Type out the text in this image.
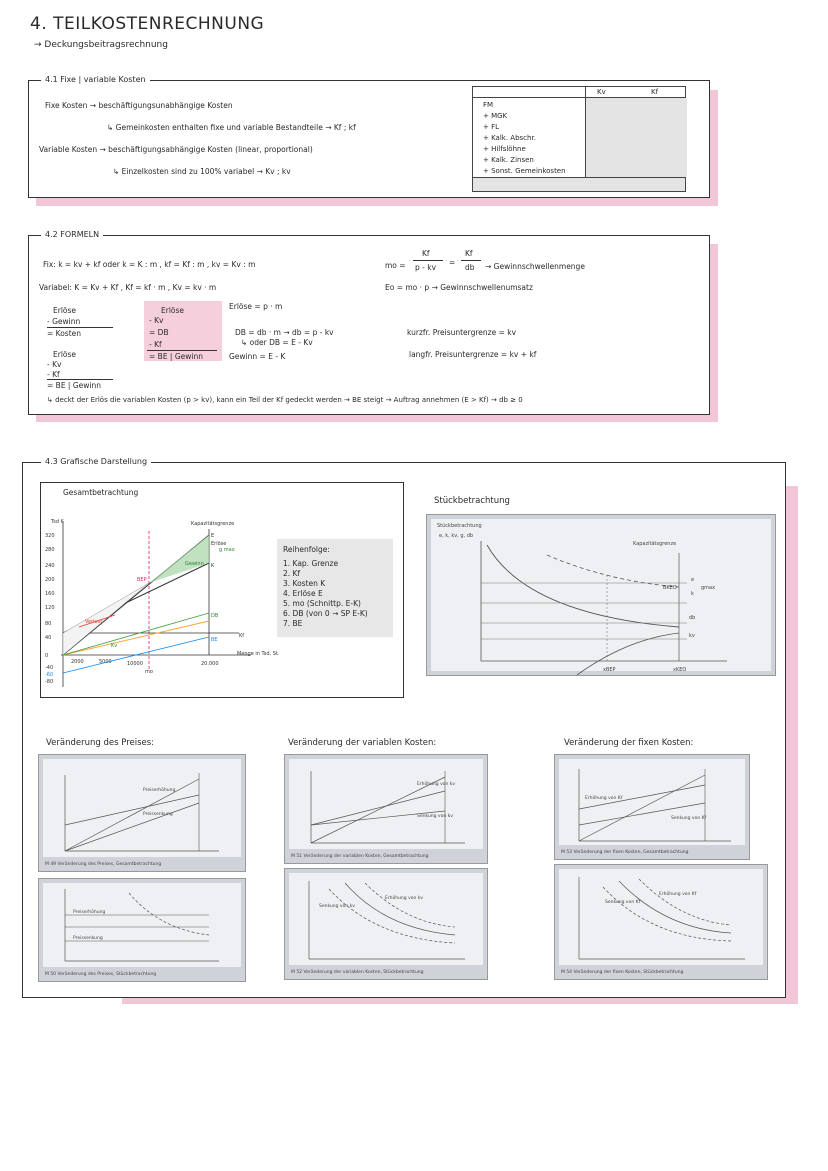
4. TEILKOSTENRECHNUNG
→ Deckungsbeitragsrechnung
4.1 Fixe | variable Kosten
Fixe Kosten → beschäftigungsunabhängige Kosten
↳ Gemeinkosten enthalten fixe und variable Bestandteile → Kf ; kf
Variable Kosten → beschäftigungsabhängige Kosten (linear, proportional)
↳ Einzelkosten sind zu 100% variabel → Kv ; kv
Kv	Kf
FM
+ MGK
+ FL
+ Kalk. Abschr.
+ Hilfslöhne
+ Kalk. Zinsen
+ Sonst. Gemeinkosten
4.2 FORMELN
Fix: k = kv + kf oder k = K : m , kf = Kf : m , kv = Kv : m
Variabel: K = Kv + Kf , Kf = kf · m , Kv = kv · m
mo =
Kf
p - kv
=
Kf
db → Gewinnschwellenmenge
Eo = mo · p → Gewinnschwellenumsatz
Erlöse
- Gewinn
= Kosten
Erlöse
- Kv
- Kf
= BE | Gewinn
Erlöse
- Kv
= DB
- Kf
= BE | Gewinn
Erlöse = p · m
DB = db · m → db = p - kv
↳ oder DB = E - Kv
Gewinn = E - K
kurzfr. Preisuntergrenze = kv
langfr. Preisuntergrenze = kv + kf
↳ deckt der Erlös die variablen Kosten (p > kv), kann ein Teil der Kf gedeckt werden → BE steigt → Auftrag annehmen (E > Kf) → db ≥ 0
4.3 Grafische Darstellung
Gesamtbetrachtung
320
280
240
200
160
120
80
40
0
-40
-60
-80
Tsd €
2000	5000	10000	20.000
Menge in Tsd. St.
Kapazitätsgrenze
Erlöse
Gewinn
BEP
Verlust
Kf
Kv
DB
BE
mo
E
K
g max	Reihenfolge:
1. Kap. Grenze
2. Kf
3. Kosten K
4. Erlöse E
5. mo (Schnittp. E-K)
6. DB (von 0 → SP E-K)
7. BE
Stückbetrachtung
Stückbetrachtung
e, k, kv, g, db
Kapazitätsgrenze
e
k
kv
db
BKEO	gmax
xBEP	xKEO
Veränderung des Preises:
Preiserhöhung
Preissenkung
M 49 Veränderung des Preises, Gesamtbetrachtung
Preiserhöhung
Preissenkung
M 50 Veränderung des Preises, Stückbetrachtung
Veränderung der variablen Kosten:
Erhöhung von kv
Senkung von kv
M 51 Veränderung der variablen Kosten, Gesamtbetrachtung
Erhöhung von kv
Senkung von kv
M 52 Veränderung der variablen Kosten, Stückbetrachtung
Veränderung der fixen Kosten:
Erhöhung von Kf
Senkung von Kf
M 53 Veränderung der fixen Kosten, Gesamtbetrachtung
Erhöhung von Kf
Senkung von Kf
M 54 Veränderung der fixen Kosten, Stückbetrachtung
